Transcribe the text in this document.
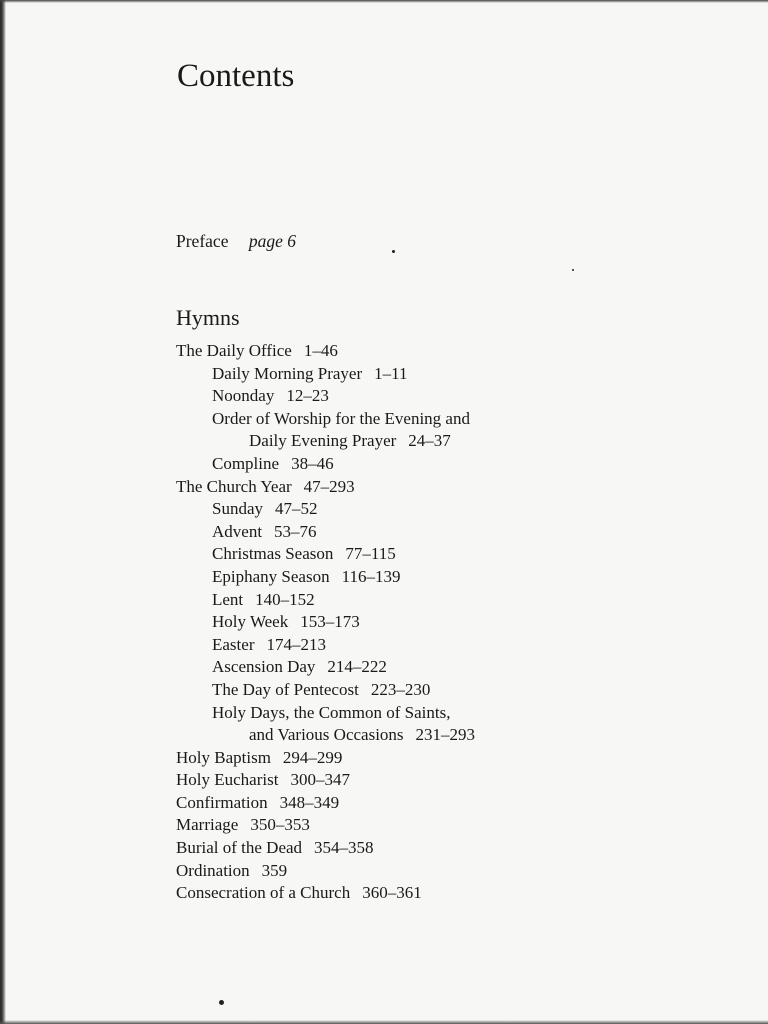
Contents
Preface page 6
Hymns
The Daily Office 1–46
Daily Morning Prayer 1–11
Noonday 12–23
Order of Worship for the Evening and
Daily Evening Prayer 24–37
Compline 38–46
The Church Year 47–293
Sunday 47–52
Advent 53–76
Christmas Season 77–115
Epiphany Season 116–139
Lent 140–152
Holy Week 153–173
Easter 174–213
Ascension Day 214–222
The Day of Pentecost 223–230
Holy Days, the Common of Saints,
and Various Occasions 231–293
Holy Baptism 294–299
Holy Eucharist 300–347
Confirmation 348–349
Marriage 350–353
Burial of the Dead 354–358
Ordination 359
Consecration of a Church 360–361
